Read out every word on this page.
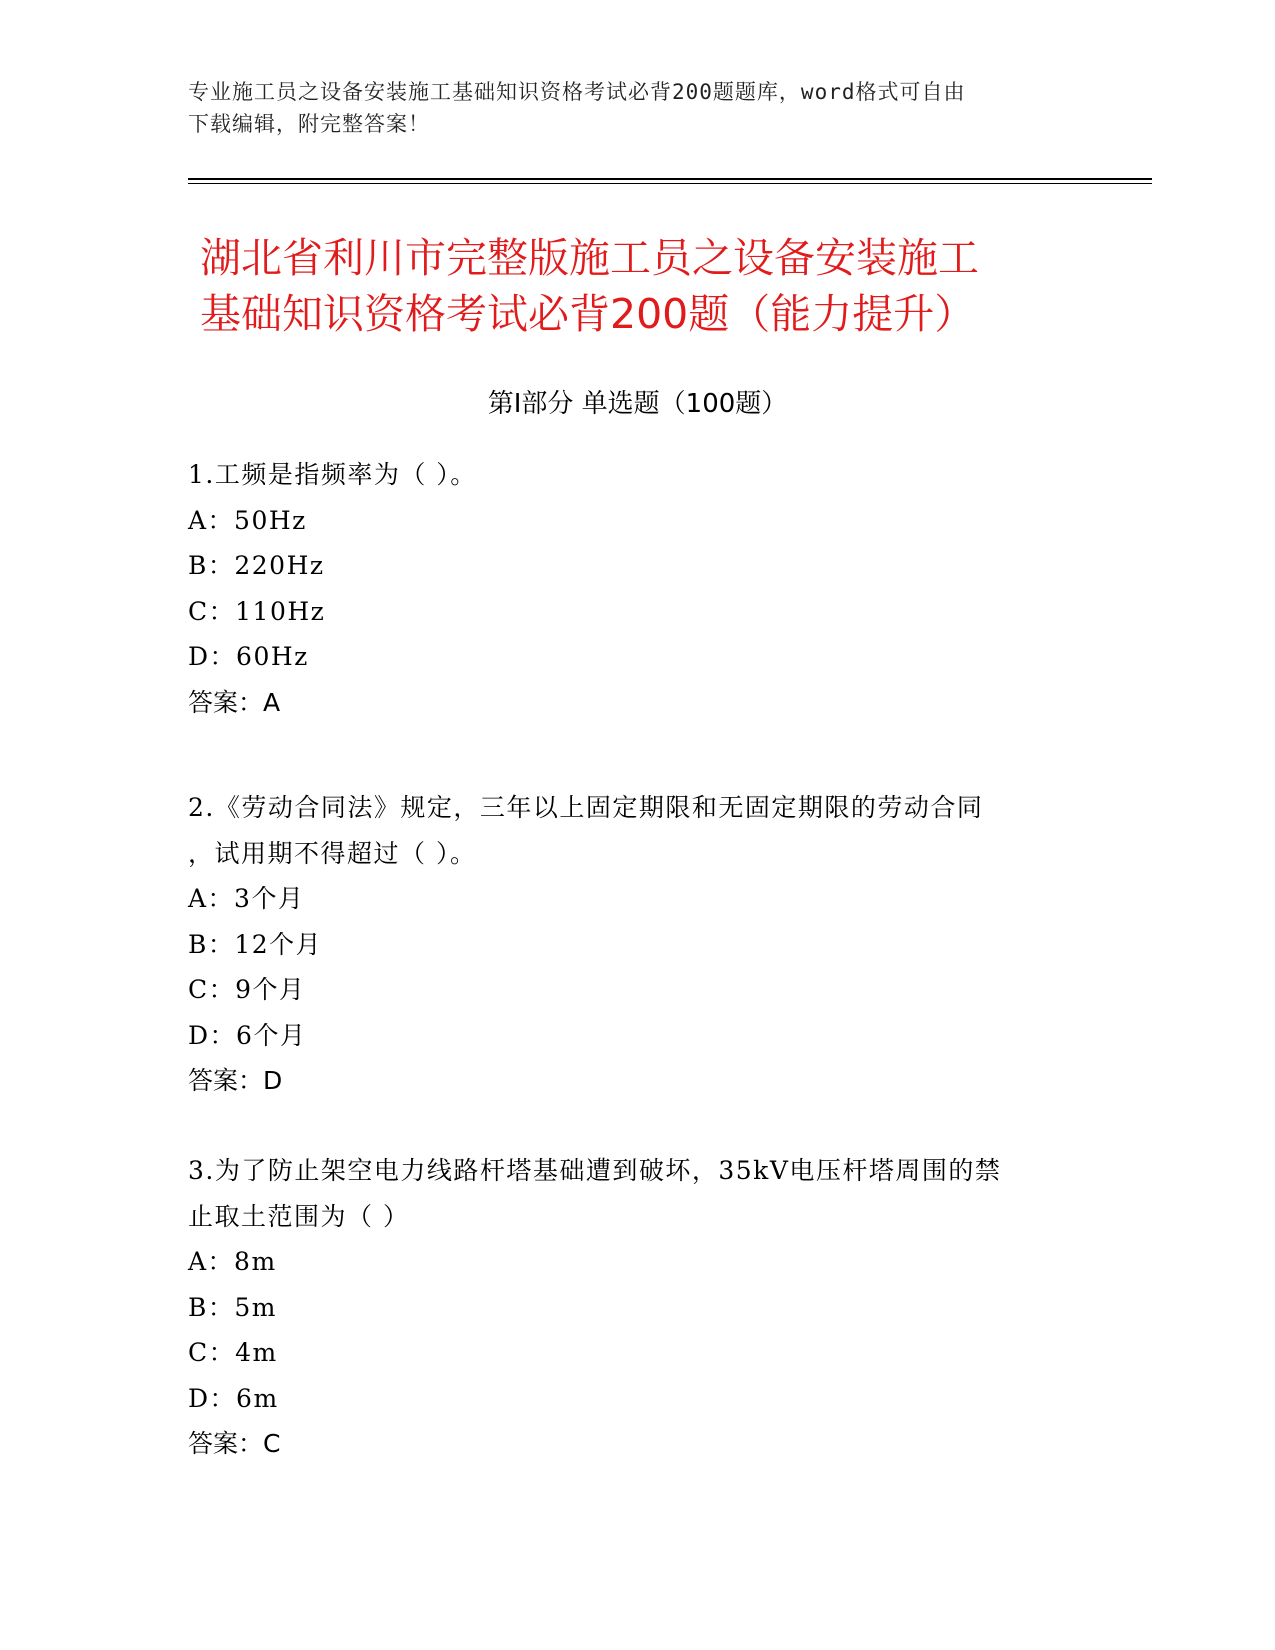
专业施工员之设备安装施工基础知识资格考试必背200题题库，word格式可自由
下载编辑，附完整答案！
湖北省利川市完整版施工员之设备安装施工
基础知识资格考试必背200题（能力提升）
第Ⅰ部分 单选题（100题）
1.工频是指频率为（ ）。
A：50Hz
B：220Hz
C：110Hz
D：60Hz
答案：A
2.《劳动合同法》规定，三年以上固定期限和无固定期限的劳动合同
，试用期不得超过（ ）。
A：3个月
B：12个月
C：9个月
D：6个月
答案：D
3.为了防止架空电力线路杆塔基础遭到破坏，35kV电压杆塔周围的禁
止取土范围为（ ）
A：8m
B：5m
C：4m
D：6m
答案：C
